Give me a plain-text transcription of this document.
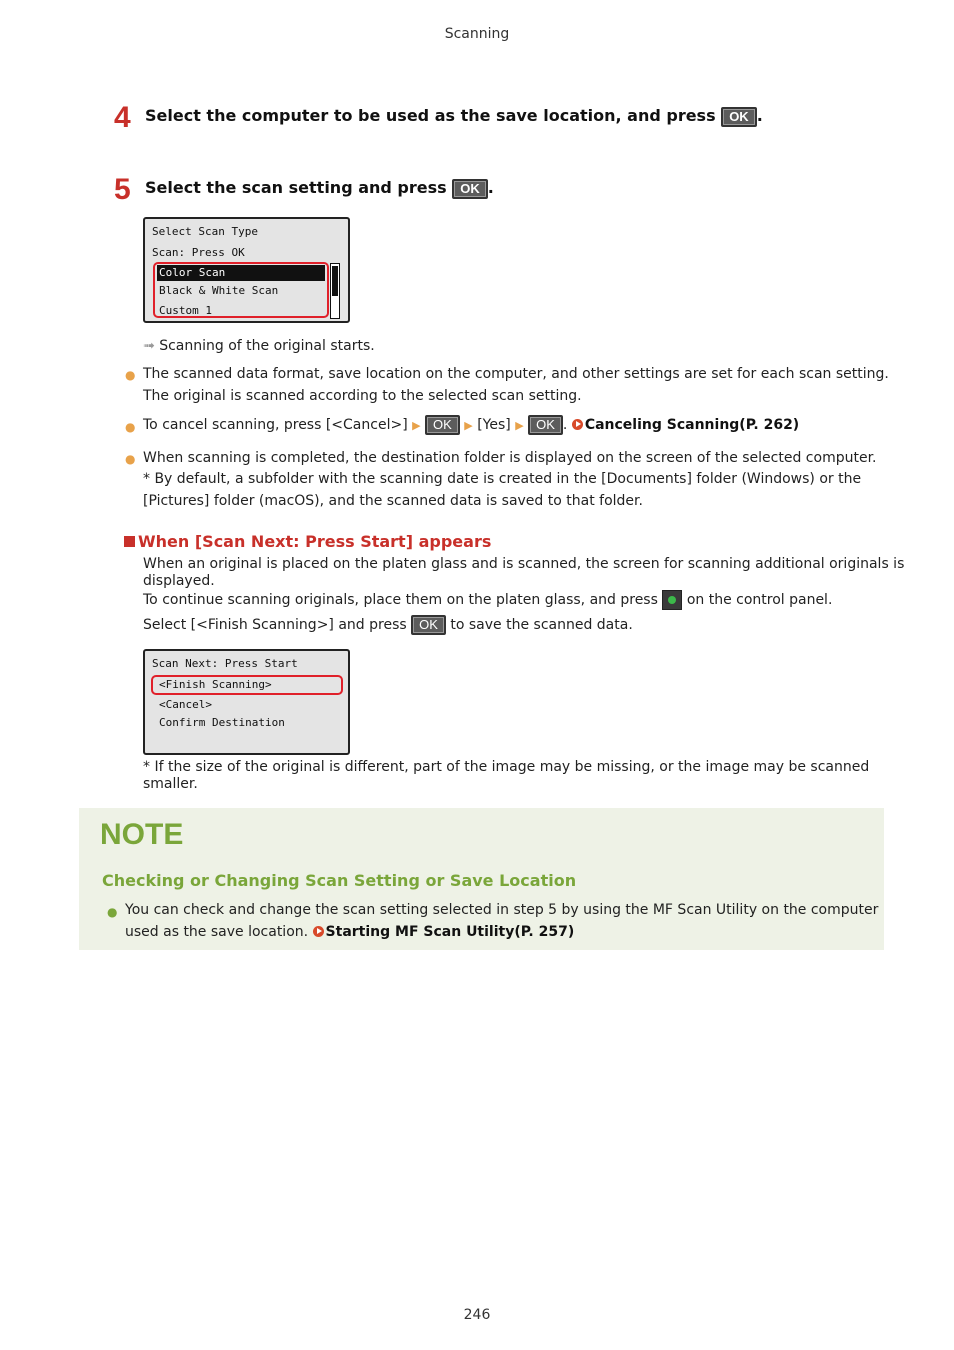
Scanning
4 Select the computer to be used as the save location, and press OK .
5 Select the scan setting and press OK .
Select Scan Type
Scan: Press OK
Color Scan
Black & White Scan
Custom 1
➟ Scanning of the original starts.
● The scanned data format, save location on the computer, and other settings are set for each scan setting.
The original is scanned according to the selected scan setting.
● To cancel scanning, press [<Cancel>] ▶ OK ▶ [Yes] ▶ OK . Canceling Scanning(P. 262)
● When scanning is completed, the destination folder is displayed on the screen of the selected computer.
* By default, a subfolder with the scanning date is created in the [Documents] folder (Windows) or the
[Pictures] folder (macOS), and the scanned data is saved to that folder.
When [Scan Next: Press Start] appears
When an original is placed on the platen glass and is scanned, the screen for scanning additional originals is
displayed.
To continue scanning originals, place them on the platen glass, and press on the control panel.
Select [<Finish Scanning>] and press OK to save the scanned data.
Scan Next: Press Start
<Finish Scanning>
<Cancel>
Confirm Destination
* If the size of the original is different, part of the image may be missing, or the image may be scanned
smaller.
NOTE
Checking or Changing Scan Setting or Save Location
● You can check and change the scan setting selected in step 5 by using the MF Scan Utility on the computer
used as the save location. Starting MF Scan Utility(P. 257)
246
